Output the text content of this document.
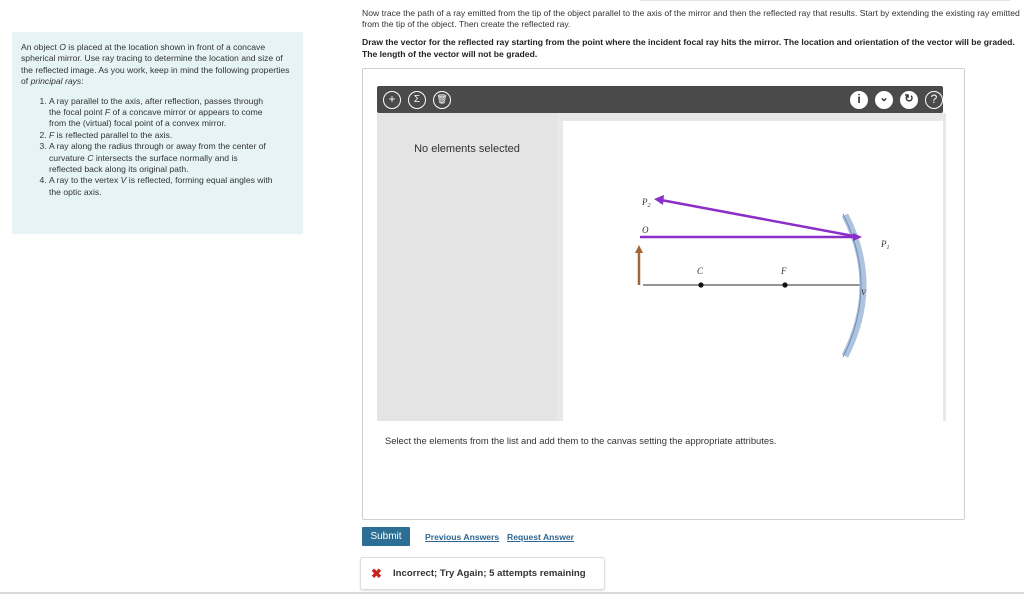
An object O is placed at the location shown in front of a concave spherical mirror. Use ray tracing to determine the location and size of the reflected image. As you work, keep in mind the following properties of principal rays:

1. A ray parallel to the axis, after reflection, passes through the focal point F of a concave mirror or appears to come from the (virtual) focal point of a convex mirror.
2. F is reflected parallel to the axis.
3. A ray along the radius through or away from the center of curvature C intersects the surface normally and is reflected back along its original path.
4. A ray to the vertex V is reflected, forming equal angles with the optic axis.

Now trace the path of a ray emitted from the tip of the object parallel to the axis of the mirror and then the reflected ray that results. Start by extending the existing ray emitted from the tip of the object. Then create the reflected ray.

Draw the vector for the reflected ray starting from the point where the incident focal ray hits the mirror. The location and orientation of the vector will be graded. The length of the vector will not be graded.

+	Σ	🗑	i	⌄	↻	?
No elements selected
$P_2$
O
C	F
$P_1$
V
Select the elements from the list and add them to the canvas setting the appropriate attributes.
Submit	Previous Answers Request Answer
✖ Incorrect; Try Again; 5 attempts remaining
